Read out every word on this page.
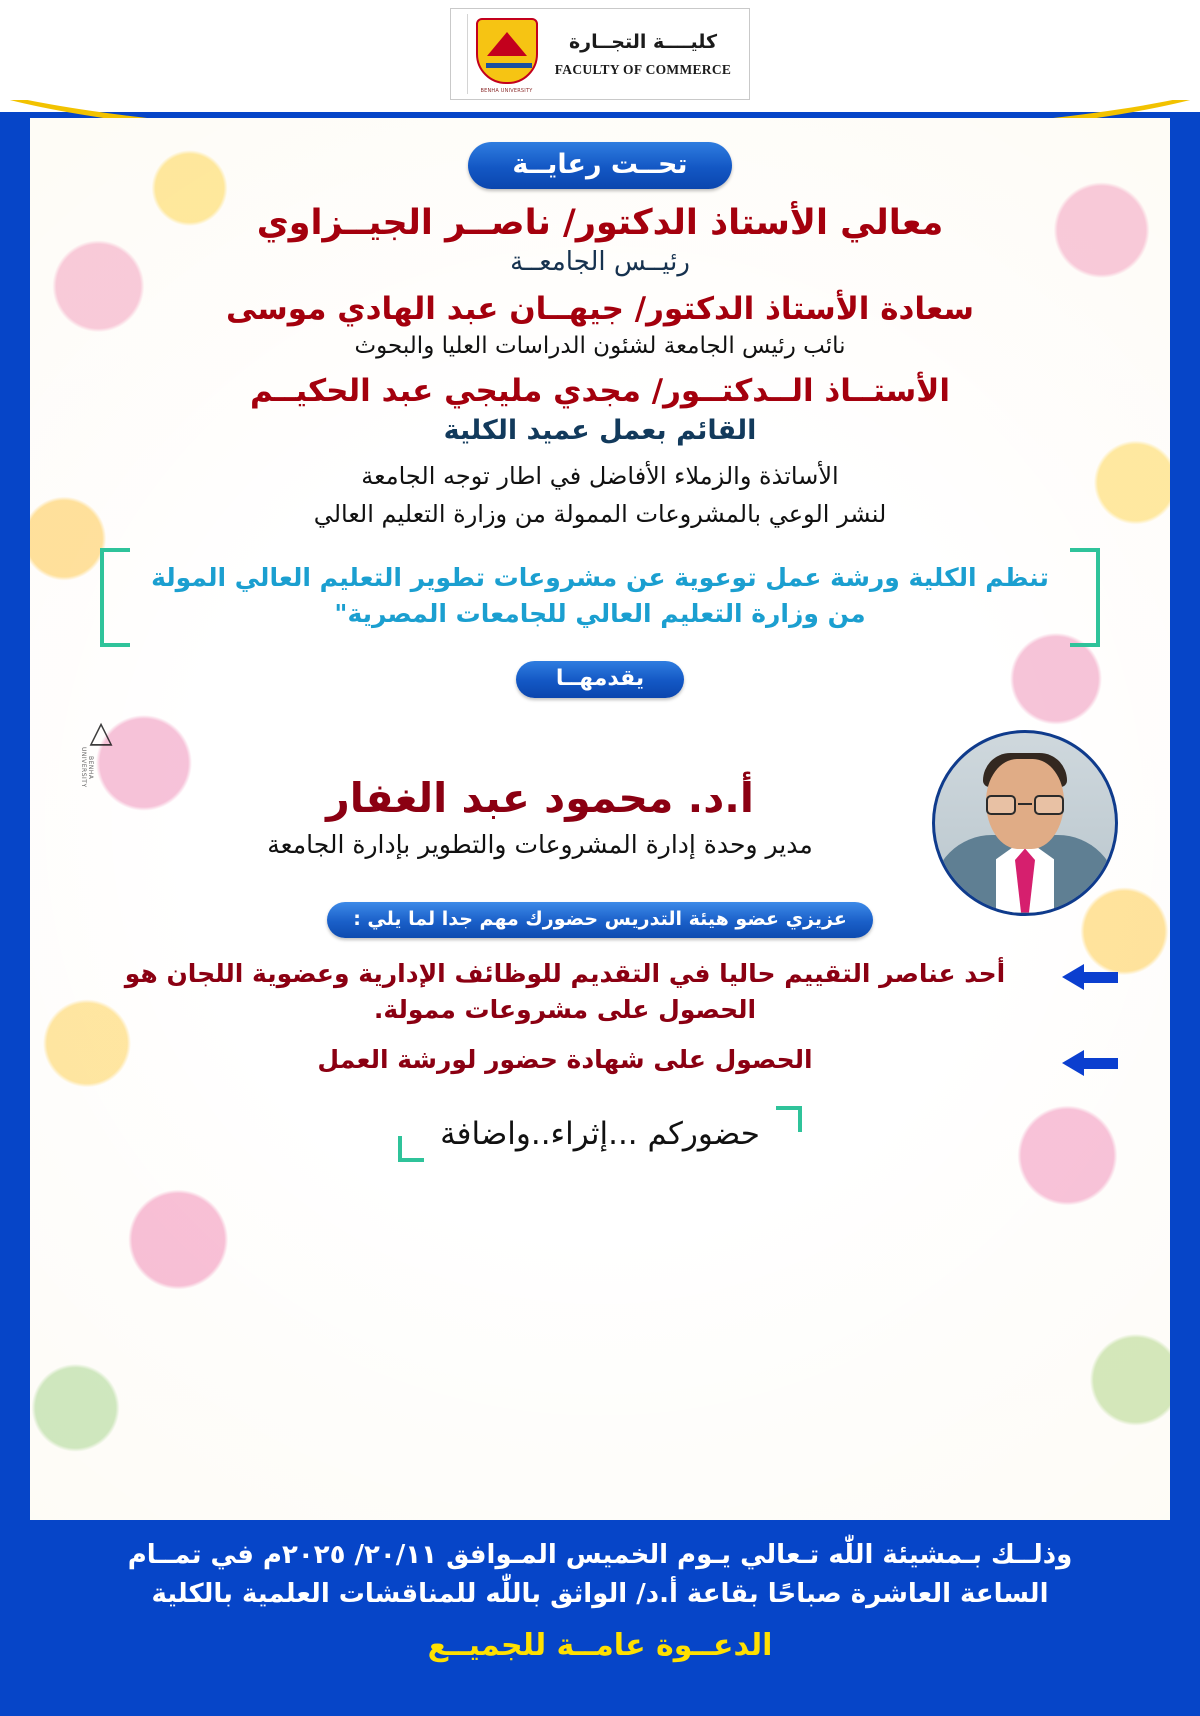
BENHA UNIVERSITY
كليــــة التجــارة
FACULTY OF COMMERCE
تحــت رعايــة
معالي الأستاذ الدكتور/ ناصــر الجيــزاوي
رئيــس الجامعــة
سعادة الأستاذ الدكتور/ جيهــان عبد الهادي موسى
نائب رئيس الجامعة لشئون الدراسات العليا والبحوث
الأستــاذ الــدكتــور/ مجدي مليجي عبد الحكيــم
القائم بعمل عميد الكلية
الأساتذة والزملاء الأفاضل في اطار توجه الجامعة
لنشر الوعي بالمشروعات الممولة من وزارة التعليم العالي

تنظم الكلية ورشة عمل توعوية عن مشروعات تطوير التعليم العالي المولة من وزارة التعليم العالي للجامعات المصرية"

يقدمهــا
△
BENHA UNIVERSITY
أ.د. محمود عبد الغفار
مدير وحدة إدارة المشروعات والتطوير بإدارة الجامعة
عزيزي عضو هيئة التدريس حضورك مهم جدا لما يلي :
أحد عناصر التقييم حاليا في التقديم للوظائف الإدارية وعضوية اللجان هو الحصول على مشروعات ممولة.
الحصول على شهادة حضور لورشة العمل
حضوركم ...إثراء..واضافة
وذلــك بـمشيئة اللّٰه تـعالي يـوم الخميس المـوافق ٢٠/١١/ ٢٠٢٥م في تمــام
الساعة العاشرة صباحًا بقاعة أ.د/ الواثق باللّٰه للمناقشات العلمية بالكلية
الدعــوة عامــة للجميــع
